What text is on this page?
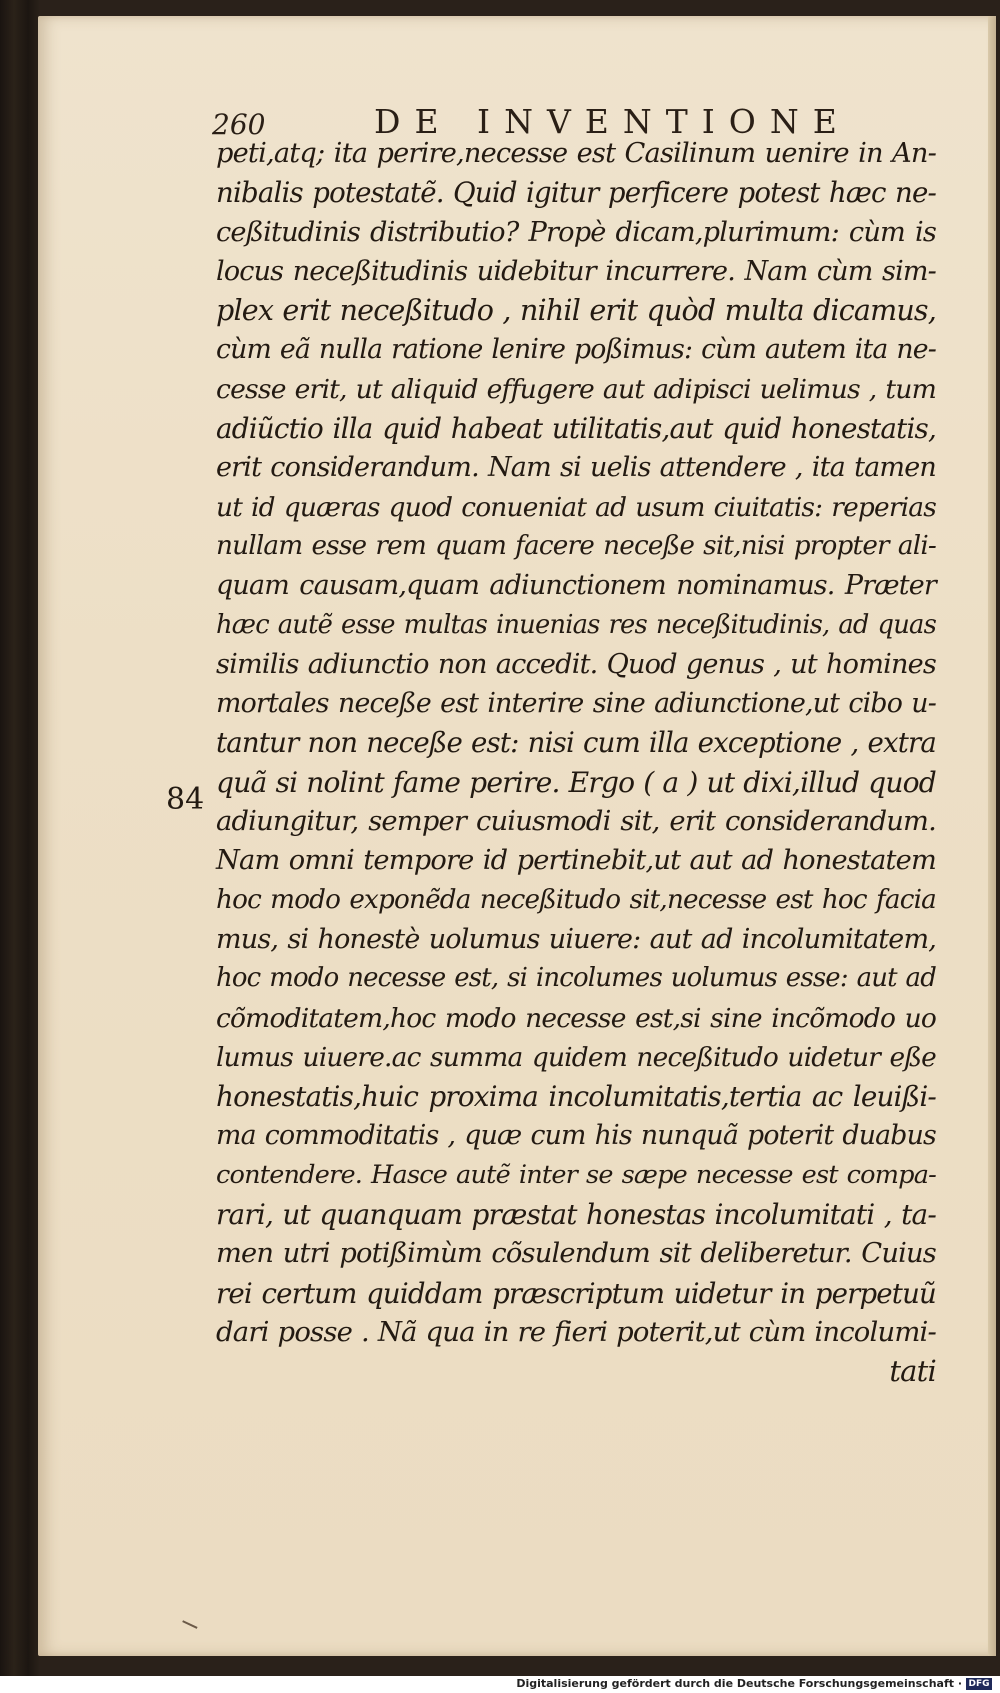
260	DE INVENTIONE
84
peti,atq; ita perire,necesse est Casilinum uenire in An-
nibalis potestatẽ. Quid igitur perficere potest hæc ne-
ceßitudinis distributio? Propè dicam,plurimum: cùm is
locus neceßitudinis uidebitur incurrere. Nam cùm sim-
plex erit neceßitudo , nihil erit quòd multa dicamus,
cùm eã nulla ratione lenire poßimus: cùm autem ita ne-
cesse erit, ut aliquid effugere aut adipisci uelimus , tum
adiũctio illa quid habeat utilitatis,aut quid honestatis,
erit considerandum. Nam si uelis attendere , ita tamen
ut id quæras quod conueniat ad usum ciuitatis: reperias
nullam esse rem quam facere neceße sit,nisi propter ali-
quam causam,quam adiunctionem nominamus. Præter
hæc autẽ esse multas inuenias res neceßitudinis, ad quas
similis adiunctio non accedit. Quod genus , ut homines
mortales neceße est interire sine adiunctione,ut cibo u-
tantur non neceße est: nisi cum illa exceptione , extra
quã si nolint fame perire. Ergo ( a ) ut dixi,illud quod
adiungitur, semper cuiusmodi sit, erit considerandum.
Nam omni tempore id pertinebit,ut aut ad honestatem
hoc modo exponẽda neceßitudo sit,necesse est hoc facia
mus, si honestè uolumus uiuere: aut ad incolumitatem,
hoc modo necesse est, si incolumes uolumus esse: aut ad
cõmoditatem,hoc modo necesse est,si sine incõmodo uo
lumus uiuere.ac summa quidem neceßitudo uidetur eße
honestatis,huic proxima incolumitatis,tertia ac leuißi-
ma commoditatis , quæ cum his nunquã poterit duabus
contendere. Hasce autẽ inter se sæpe necesse est compa-
rari, ut quanquam præstat honestas incolumitati , ta-
men utri potißimùm cõsulendum sit deliberetur. Cuius
rei certum quiddam præscriptum uidetur in perpetuũ
dari posse . Nã qua in re fieri poterit,ut cùm incolumi-
tati
Digitalisierung gefördert durch die Deutsche Forschungsgemeinschaft · DFG
